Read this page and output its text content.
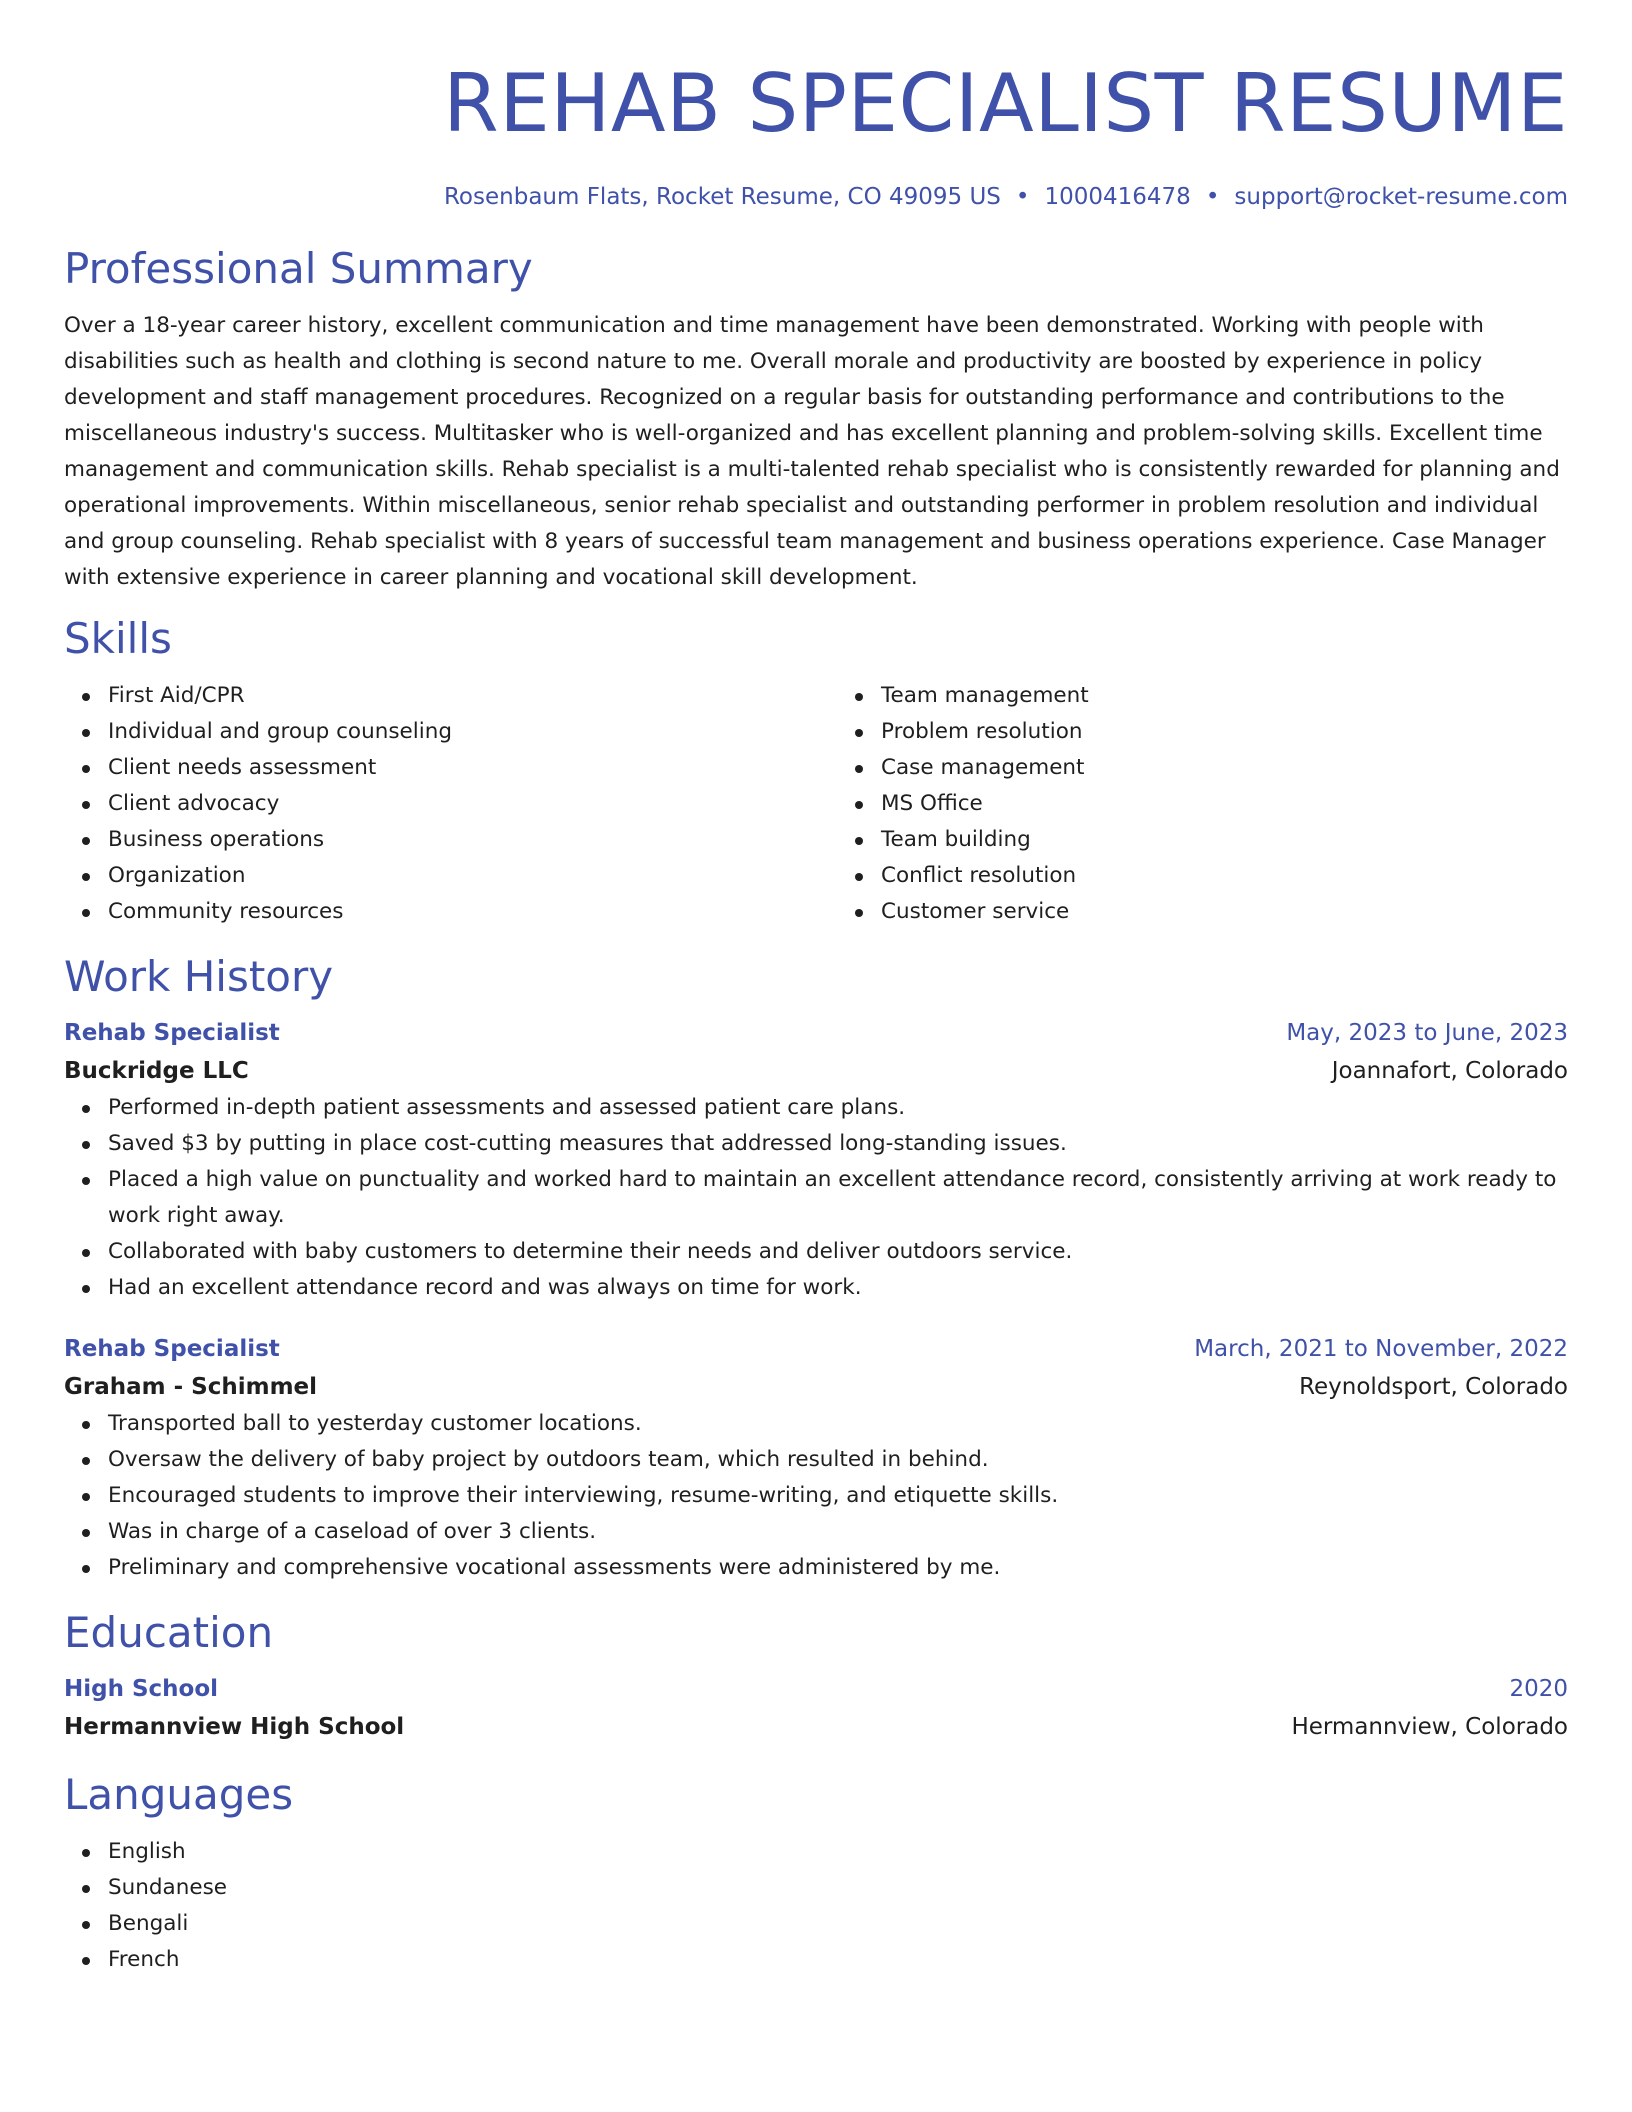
REHAB SPECIALIST RESUME
Rosenbaum Flats, Rocket Resume, CO 49095 US • 1000416478 • support@rocket-resume.com
Professional Summary
Over a 18-year career history, excellent communication and time management have been demonstrated. Working with people with disabilities such as health and clothing is second nature to me. Overall morale and productivity are boosted by experience in policy development and staff management procedures. Recognized on a regular basis for outstanding performance and contributions to the miscellaneous industry's success. Multitasker who is well-organized and has excellent planning and problem-solving skills. Excellent time management and communication skills. Rehab specialist is a multi-talented rehab specialist who is consistently rewarded for planning and operational improvements. Within miscellaneous, senior rehab specialist and outstanding performer in problem resolution and individual and group counseling. Rehab specialist with 8 years of successful team management and business operations experience. Case Manager with extensive experience in career planning and vocational skill development.
Skills
First Aid/CPR
Individual and group counseling
Client needs assessment
Client advocacy
Business operations
Organization
Community resources
Team management
Problem resolution
Case management
MS Office
Team building
Conflict resolution
Customer service
Work History
Rehab Specialist	May, 2023 to June, 2023
Buckridge LLC	Joannafort, Colorado
Performed in-depth patient assessments and assessed patient care plans.
Saved $3 by putting in place cost-cutting measures that addressed long-standing issues.
Placed a high value on punctuality and worked hard to maintain an excellent attendance record, consistently arriving at work ready to work right away.
Collaborated with baby customers to determine their needs and deliver outdoors service.
Had an excellent attendance record and was always on time for work.
Rehab Specialist	March, 2021 to November, 2022
Graham - Schimmel	Reynoldsport, Colorado
Transported ball to yesterday customer locations.
Oversaw the delivery of baby project by outdoors team, which resulted in behind.
Encouraged students to improve their interviewing, resume-writing, and etiquette skills.
Was in charge of a caseload of over 3 clients.
Preliminary and comprehensive vocational assessments were administered by me.
Education
High School	2020
Hermannview High School	Hermannview, Colorado
Languages
English
Sundanese
Bengali
French
